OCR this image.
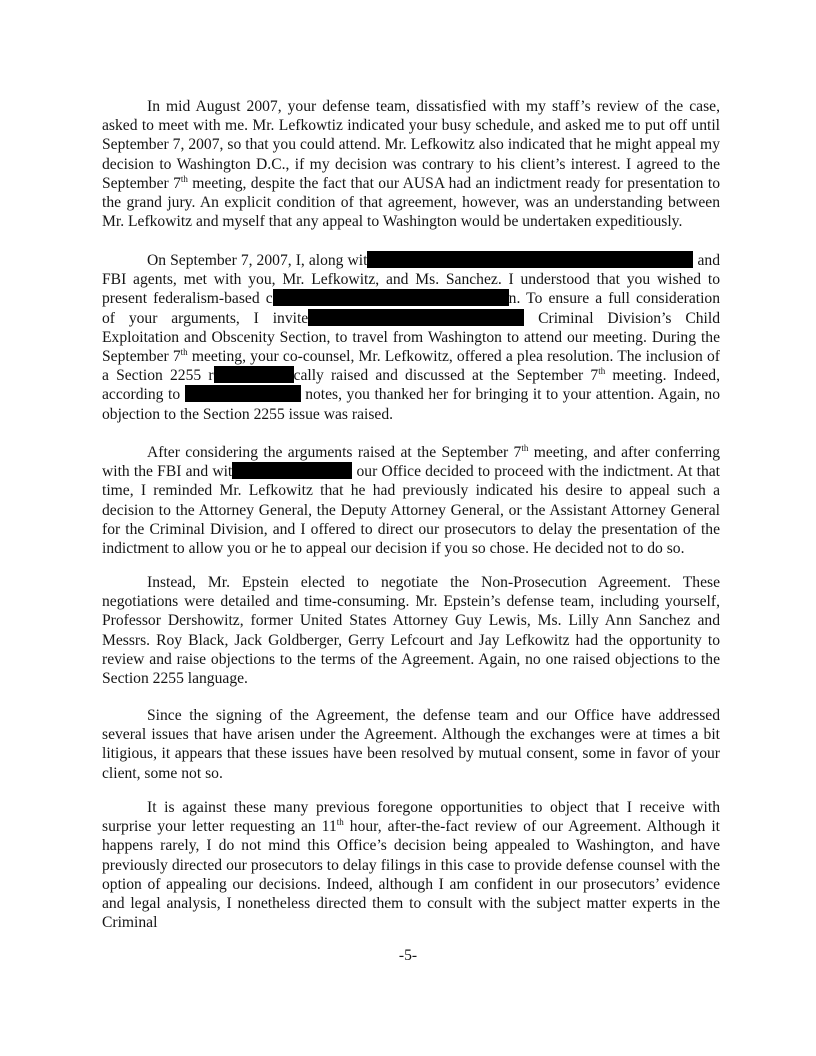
In mid August 2007, your defense team, dissatisfied with my staff’s review of the case, asked to meet with me. Mr. Lefkowtiz indicated your busy schedule, and asked me to put off until September 7, 2007, so that you could attend. Mr. Lefkowitz also indicated that he might appeal my decision to Washington D.C., if my decision was contrary to his client’s interest. I agreed to the September 7th meeting, despite the fact that our AUSA had an indictment ready for presentation to the grand jury. An explicit condition of that agreement, however, was an understanding between Mr. Lefkowitz and myself that any appeal to Washington would be undertaken expeditiously.

On September 7, 2007, I, along wit	and FBI agents, met with you, Mr. Lefkowitz, and Ms. Sanchez. I understood that you wished to present federalism-based c	n. To ensure a full consideration of your arguments, I invite	Criminal Division’s Child Exploitation and Obscenity Section, to travel from Washington to attend our meeting. During the September 7th meeting, your co-counsel, Mr. Lefkowitz, offered a plea resolution. The inclusion of a Section 2255 r	cally raised and discussed at the September 7th meeting. Indeed, according to	notes, you thanked her for bringing it to your attention. Again, no objection to the Section 2255 issue was raised.

After considering the arguments raised at the September 7th meeting, and after conferring with the FBI and wit	our Office decided to proceed with the indictment. At that time, I reminded Mr. Lefkowitz that he had previously indicated his desire to appeal such a decision to the Attorney General, the Deputy Attorney General, or the Assistant Attorney General for the Criminal Division, and I offered to direct our prosecutors to delay the presentation of the indictment to allow you or he to appeal our decision if you so chose. He decided not to do so.

Instead, Mr. Epstein elected to negotiate the Non-Prosecution Agreement. These negotiations were detailed and time-consuming. Mr. Epstein’s defense team, including yourself, Professor Dershowitz, former United States Attorney Guy Lewis, Ms. Lilly Ann Sanchez and Messrs. Roy Black, Jack Goldberger, Gerry Lefcourt and Jay Lefkowitz had the opportunity to review and raise objections to the terms of the Agreement. Again, no one raised objections to the Section 2255 language.

Since the signing of the Agreement, the defense team and our Office have addressed several issues that have arisen under the Agreement. Although the exchanges were at times a bit litigious, it appears that these issues have been resolved by mutual consent, some in favor of your client, some not so.

It is against these many previous foregone opportunities to object that I receive with surprise your letter requesting an 11th hour, after-the-fact review of our Agreement. Although it happens rarely, I do not mind this Office’s decision being appealed to Washington, and have previously directed our prosecutors to delay filings in this case to provide defense counsel with the option of appealing our decisions. Indeed, although I am confident in our prosecutors’ evidence and legal analysis, I nonetheless directed them to consult with the subject matter experts in the Criminal

-5-
